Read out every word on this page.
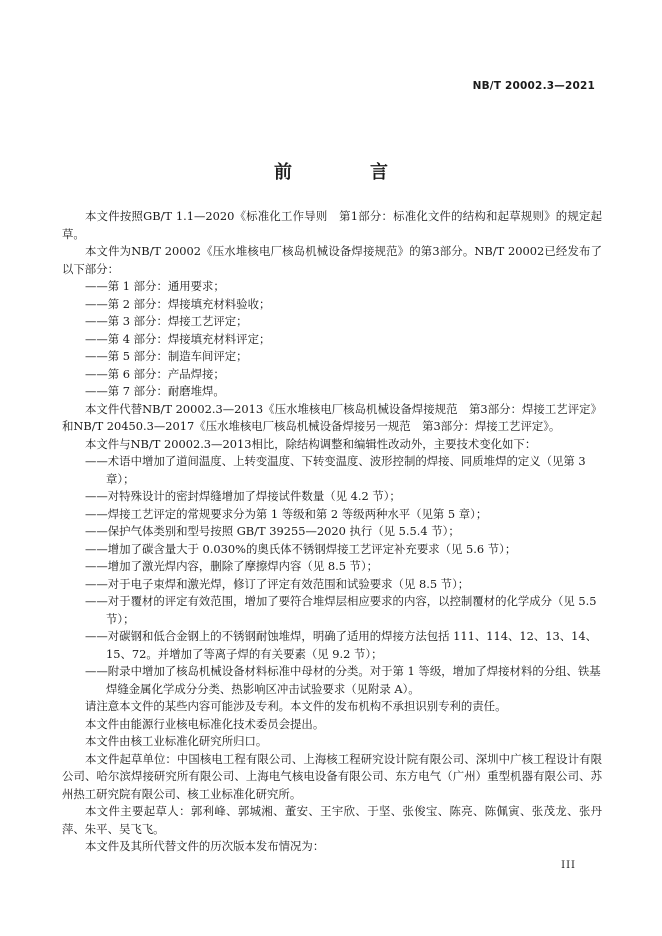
NB/T 20002.3—2021
前　言
本文件按照GB/T 1.1—2020《标准化工作导则　第1部分：标准化文件的结构和起草规则》的规定起草。
本文件为NB/T 20002《压水堆核电厂核岛机械设备焊接规范》的第3部分。NB/T 20002已经发布了以下部分：
——第 1 部分：通用要求；
——第 2 部分：焊接填充材料验收；
——第 3 部分：焊接工艺评定；
——第 4 部分：焊接填充材料评定；
——第 5 部分：制造车间评定；
——第 6 部分：产品焊接；
——第 7 部分：耐磨堆焊。
本文件代替NB/T 20002.3—2013《压水堆核电厂核岛机械设备焊接规范　第3部分：焊接工艺评定》和NB/T 20450.3—2017《压水堆核电厂核岛机械设备焊接另一规范　第3部分：焊接工艺评定》。
本文件与NB/T 20002.3—2013相比，除结构调整和编辑性改动外，主要技术变化如下：
——术语中增加了道间温度、上转变温度、下转变温度、波形控制的焊接、同质堆焊的定义（见第 3 章）；
——对特殊设计的密封焊缝增加了焊接试件数量（见 4.2 节）；
——焊接工艺评定的常规要求分为第 1 等级和第 2 等级两种水平（见第 5 章）；
——保护气体类别和型号按照 GB/T 39255—2020 执行（见 5.5.4 节）；
——增加了碳含量大于 0.030%的奥氏体不锈钢焊接工艺评定补充要求（见 5.6 节）；
——增加了激光焊内容，删除了摩擦焊内容（见 8.5 节）；
——对于电子束焊和激光焊，修订了评定有效范围和试验要求（见 8.5 节）；
——对于覆材的评定有效范围，增加了要符合堆焊层相应要求的内容，以控制覆材的化学成分（见 5.5 节）；
——对碳钢和低合金钢上的不锈钢耐蚀堆焊，明确了适用的焊接方法包括 111、114、12、13、14、15、72。并增加了等离子焊的有关要素（见 9.2 节）；
——附录中增加了核岛机械设备材料标准中母材的分类。对于第 1 等级，增加了焊接材料的分组、铁基焊缝金属化学成分分类、热影响区冲击试验要求（见附录 A）。
请注意本文件的某些内容可能涉及专利。本文件的发布机构不承担识别专利的责任。
本文件由能源行业核电标准化技术委员会提出。
本文件由核工业标准化研究所归口。
本文件起草单位：中国核电工程有限公司、上海核工程研究设计院有限公司、深圳中广核工程设计有限公司、哈尔滨焊接研究所有限公司、上海电气核电设备有限公司、东方电气（广州）重型机器有限公司、苏州热工研究院有限公司、核工业标准化研究所。
本文件主要起草人：郭利峰、郭城湘、董安、王宇欣、于坚、张俊宝、陈亮、陈佩寅、张茂龙、张丹萍、朱平、吴飞飞。
本文件及其所代替文件的历次版本发布情况为：
III
